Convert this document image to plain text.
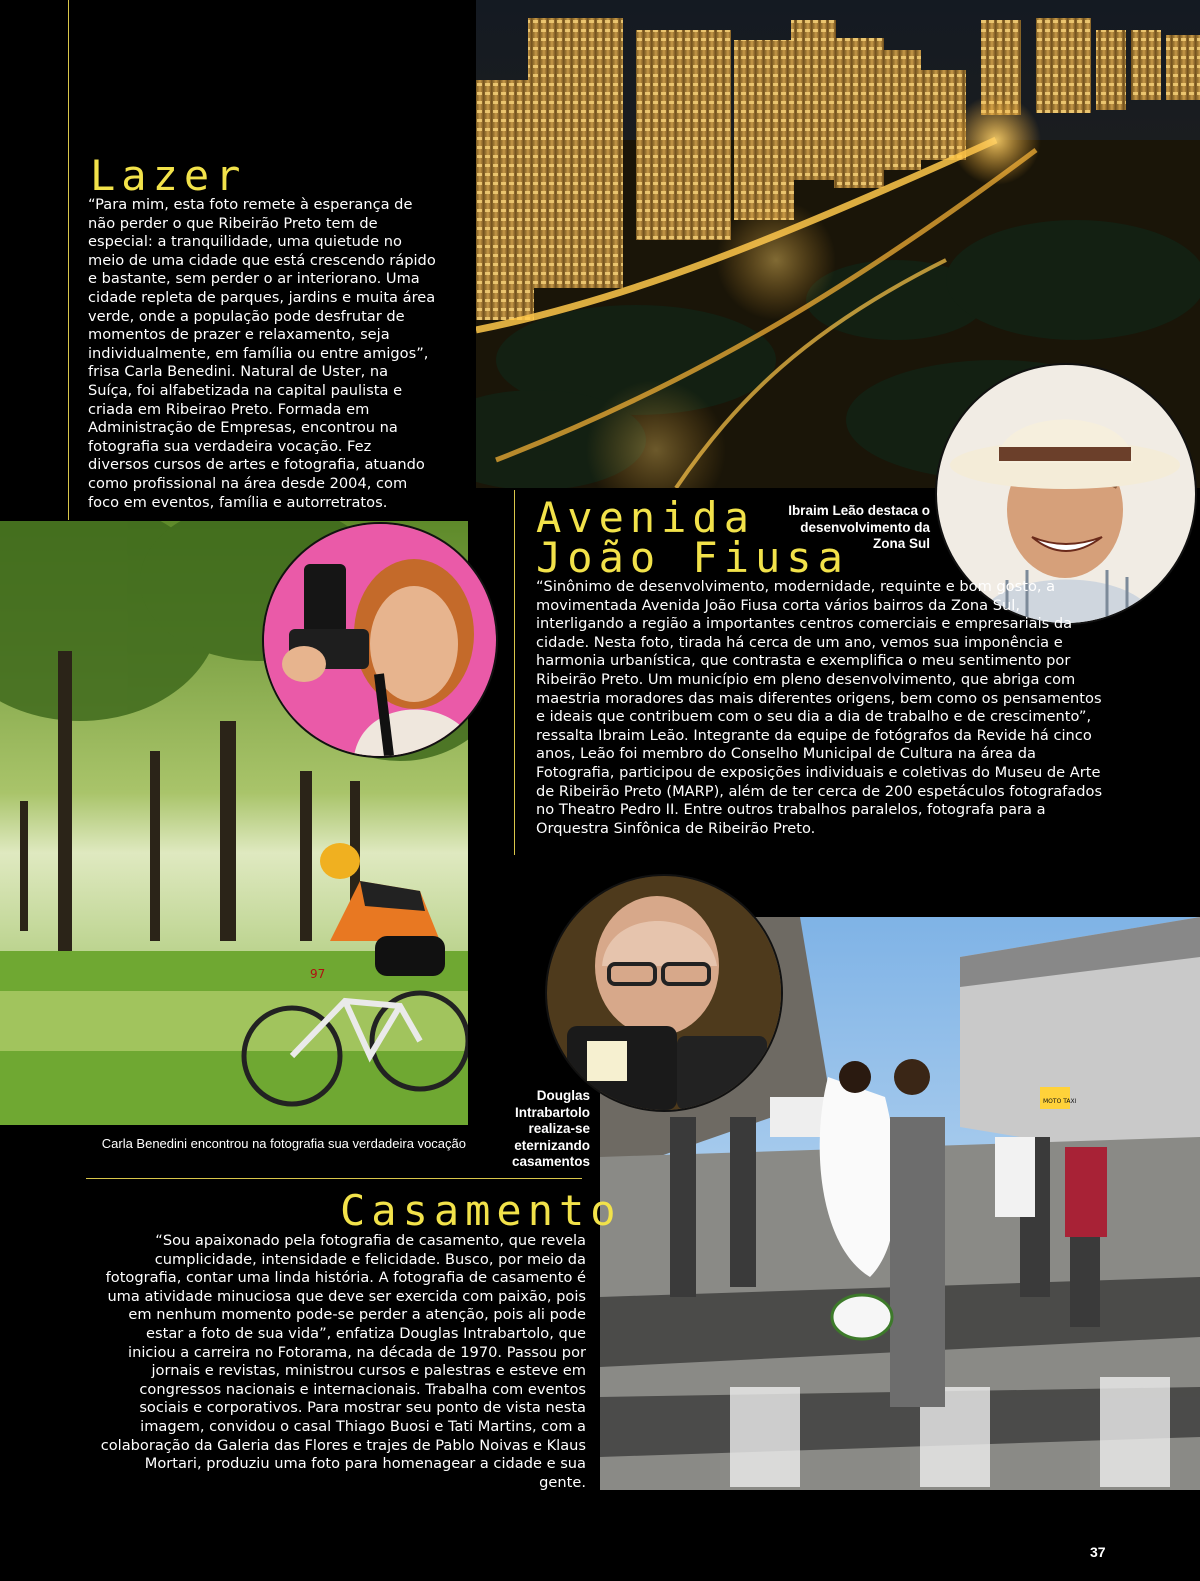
Lazer

“Para mim, esta foto remete à esperança de não perder o que Ribeirão Preto tem de especial: a tranquilidade, uma quietude no meio de uma cidade que está crescendo rápido e bastante, sem perder o ar interiorano. Uma cidade repleta de parques, jardins e muita área verde, onde a população pode desfrutar de momentos de prazer e relaxamento, seja individualmente, em família ou entre amigos”, frisa Carla Benedini. Natural de Uster, na Suíça, foi alfabetizada na capital paulista e criada em Ribeirao Preto. Formada em Administração de Empresas, encontrou na fotografia sua verdadeira vocação. Fez diversos cursos de artes e fotografia, atuando como profissional na área desde 2004, com foco em eventos, família e autorretratos.	Avenida
João Fiusa

Ibraim Leão destaca o desenvolvimento da Zona Sul

“Sinônimo de desenvolvimento, modernidade, requinte e bom gosto, a movimentada Avenida João Fiusa corta vários bairros da Zona Sul, interligando a região a importantes centros comerciais e empresariais da cidade. Nesta foto, tirada há cerca de um ano, vemos sua imponência e harmonia urbanística, que contrasta e exemplifica o meu sentimento por Ribeirão Preto. Um município em pleno desenvolvimento, que abriga com maestria moradores das mais diferentes origens, bem como os pensamentos e ideais que contribuem com o seu dia a dia de trabalho e de crescimento”, ressalta Ibraim Leão. Integrante da equipe de fotógrafos da Revide há cinco anos, Leão foi membro do Conselho Municipal de Cultura na área da Fotografia, participou de exposições individuais e coletivas do Museu de Arte de Ribeirão Preto (MARP), além de ter cerca de 200 espetáculos fotografados no Theatro Pedro II. Entre outros trabalhos paralelos, fotografa para a Orquestra Sinfônica de Ribeirão Preto.

97

Carla Benedini encontrou na fotografia sua verdadeira vocação

MOTO TAXI

Douglas Intrabartolo realiza-se eternizando casamentos

Casamento

“Sou apaixonado pela fotografia de casamento, que revela cumplicidade, intensidade e felicidade. Busco, por meio da fotografia, contar uma linda história. A fotografia de casamento é uma atividade minuciosa que deve ser exercida com paixão, pois em nenhum momento pode-se perder a atenção, pois ali pode estar a foto de sua vida”, enfatiza Douglas Intrabartolo, que iniciou a carreira no Fotorama, na década de 1970. Passou por jornais e revistas, ministrou cursos e palestras e esteve em congressos nacionais e internacionais. Trabalha com eventos sociais e corporativos. Para mostrar seu ponto de vista nesta imagem, convidou o casal Thiago Buosi e Tati Martins, com a colaboração da Galeria das Flores e trajes de Pablo Noivas e Klaus Mortari, produziu uma foto para homenagear a cidade e sua gente.

37
